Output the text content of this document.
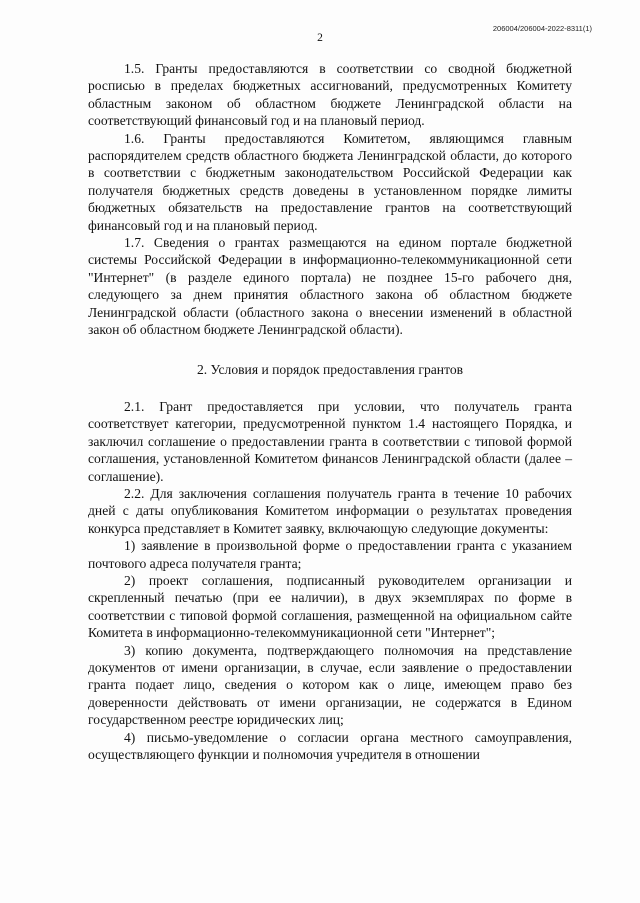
206004/206004-2022-8311(1)
2

1.5. Гранты предоставляются в соответствии со сводной бюджетной росписью в пределах бюджетных ассигнований, предусмотренных Комитету областным законом об областном бюджете Ленинградской области на соответствующий финансовый год и на плановый период.

1.6. Гранты предоставляются Комитетом, являющимся главным распорядителем средств областного бюджета Ленинградской области, до которого в соответствии с бюджетным законодательством Российской Федерации как получателя бюджетных средств доведены в установленном порядке лимиты бюджетных обязательств на предоставление грантов на соответствующий финансовый год и на плановый период.

1.7. Сведения о грантах размещаются на едином портале бюджетной системы Российской Федерации в информационно-телекоммуникационной сети "Интернет" (в разделе единого портала) не позднее 15-го рабочего дня, следующего за днем принятия областного закона об областном бюджете Ленинградской области (областного закона о внесении изменений в областной закон об областном бюджете Ленинградской области).

2. Условия и порядок предоставления грантов

2.1. Грант предоставляется при условии, что получатель гранта соответствует категории, предусмотренной пунктом 1.4 настоящего Порядка, и заключил соглашение о предоставлении гранта в соответствии с типовой формой соглашения, установленной Комитетом финансов Ленинградской области (далее – соглашение).

2.2. Для заключения соглашения получатель гранта в течение 10 рабочих дней с даты опубликования Комитетом информации о результатах проведения конкурса представляет в Комитет заявку, включающую следующие документы:

1) заявление в произвольной форме о предоставлении гранта с указанием почтового адреса получателя гранта;

2) проект соглашения, подписанный руководителем организации и скрепленный печатью (при ее наличии), в двух экземплярах по форме в соответствии с типовой формой соглашения, размещенной на официальном сайте Комитета в информационно-телекоммуникационной сети "Интернет";

3) копию документа, подтверждающего полномочия на представление документов от имени организации, в случае, если заявление о предоставлении гранта подает лицо, сведения о котором как о лице, имеющем право без доверенности действовать от имени организации, не содержатся в Едином государственном реестре юридических лиц;

4) письмо-уведомление о согласии органа местного самоуправления, осуществляющего функции и полномочия учредителя в отношении
